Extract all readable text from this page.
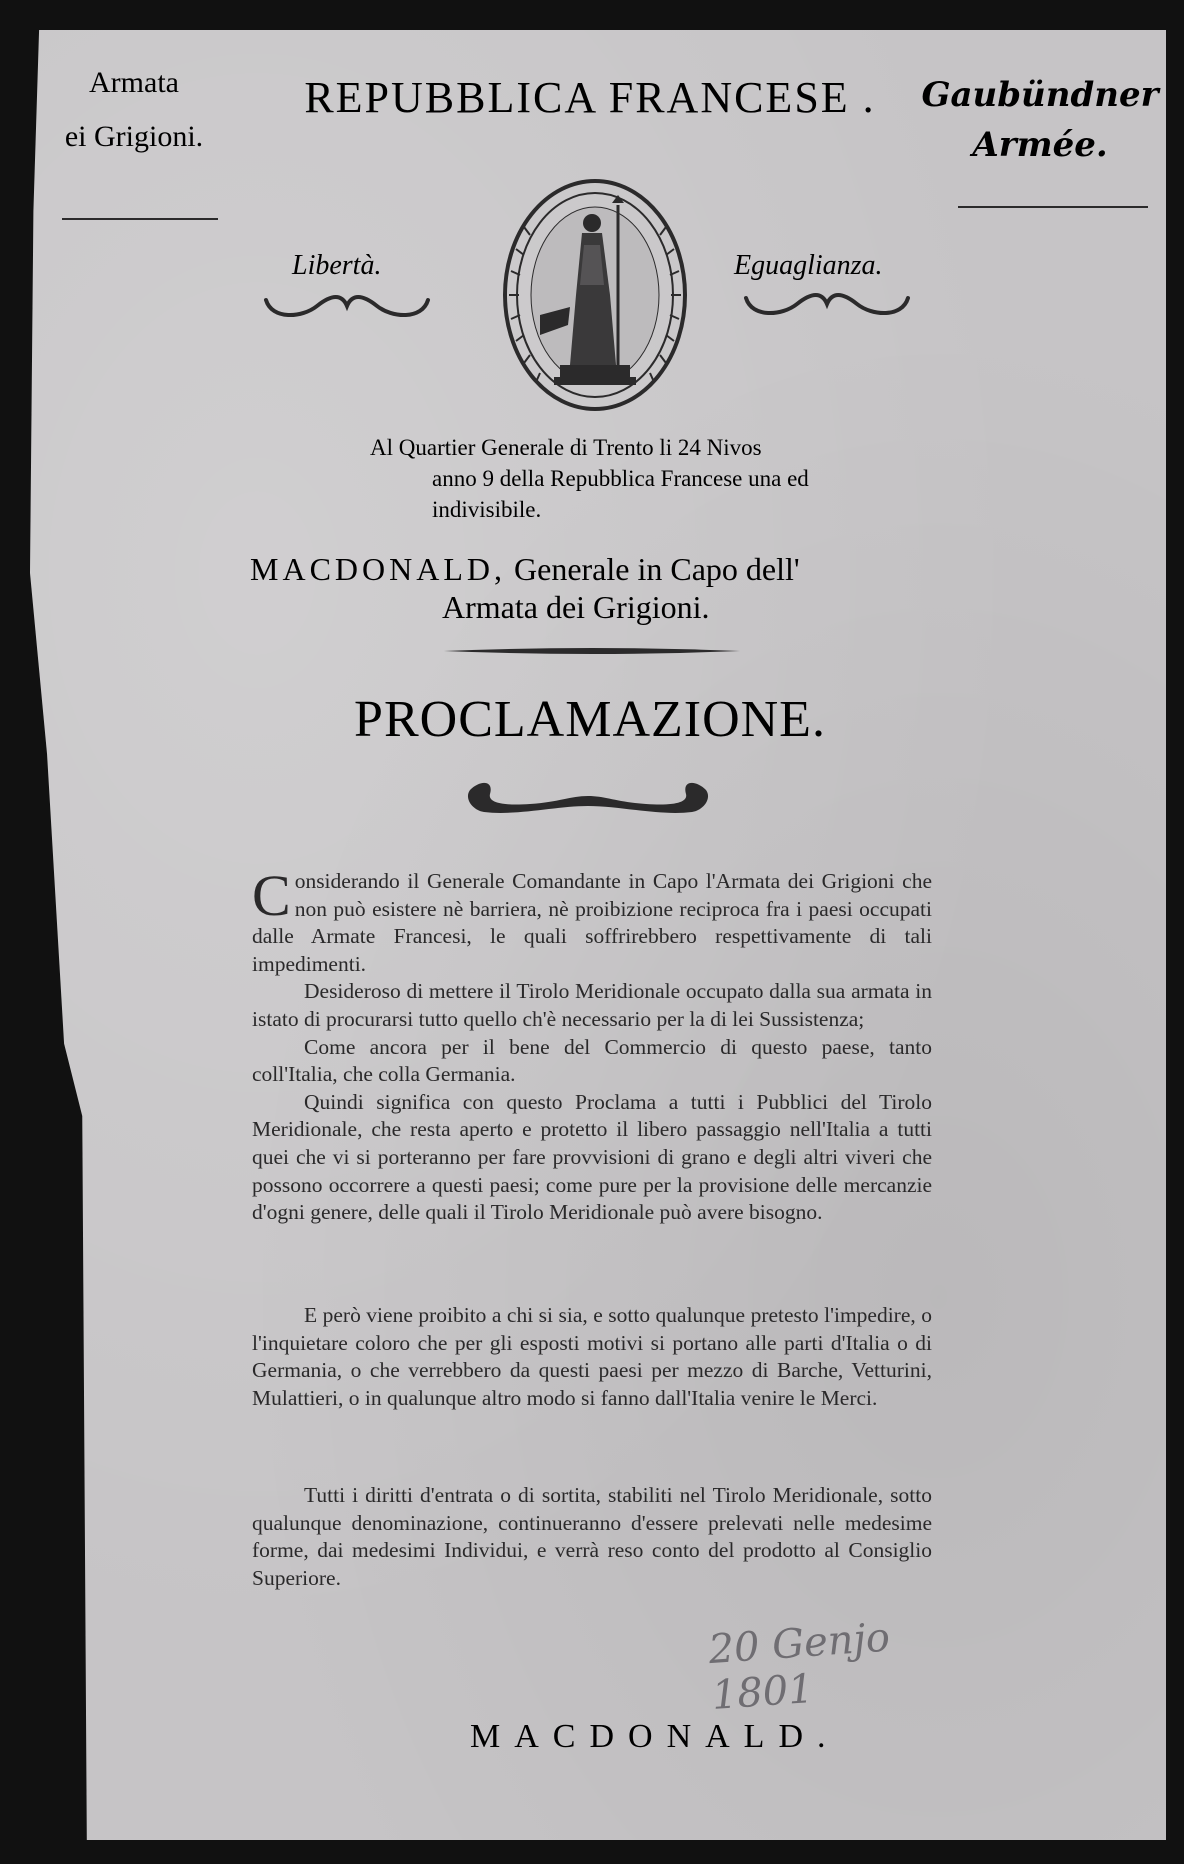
Armata
ei Grigioni.
REPUBBLICA FRANCESE .	Gaubündner
Armée.
Libertà.	Eguaglianza.
Al Quartier Generale di Trento li 24 Nivos
anno 9 della Repubblica Francese una ed
indivisibile.
MACDONALD, Generale in Capo dell'
Armata dei Grigioni.
PROCLAMAZIONE.

Considerando il Generale Comandante in Capo l'Armata dei Grigioni che non può esistere nè barriera, nè proibizione reciproca fra i paesi occupati dalle Armate Francesi, le quali soffrirebbero respettivamente di tali impedimenti.

Desideroso di mettere il Tirolo Meridionale occupato dalla sua armata in istato di procurarsi tutto quello ch'è necessario per la di lei Sussistenza;

Come ancora per il bene del Commercio di questo paese, tanto coll'Italia, che colla Germania.

Quindi significa con questo Proclama a tutti i Pubblici del Tirolo Meridionale, che resta aperto e protetto il libero passaggio nell'Italia a tutti quei che vi si porteranno per fare provvisioni di grano e degli altri viveri che possono occorrere a questi paesi; come pure per la provisione delle mercanzie d'ogni genere, delle quali il Tirolo Meridionale può avere bisogno.

E però viene proibito a chi si sia, e sotto qualunque pretesto l'impedire, o l'inquietare coloro che per gli esposti motivi si portano alle parti d'Italia o di Germania, o che verrebbero da questi paesi per mezzo di Barche, Vetturini, Mulattieri, o in qualunque altro modo si fanno dall'Italia venire le Merci.

Tutti i diritti d'entrata o di sortita, stabiliti nel Tirolo Meridionale, sotto qualunque denominazione, continueranno d'essere prelevati nelle medesime forme, dai medesimi Individui, e verrà reso conto del prodotto al Consiglio Superiore.

20 Genjo 1801
MACDONALD.
